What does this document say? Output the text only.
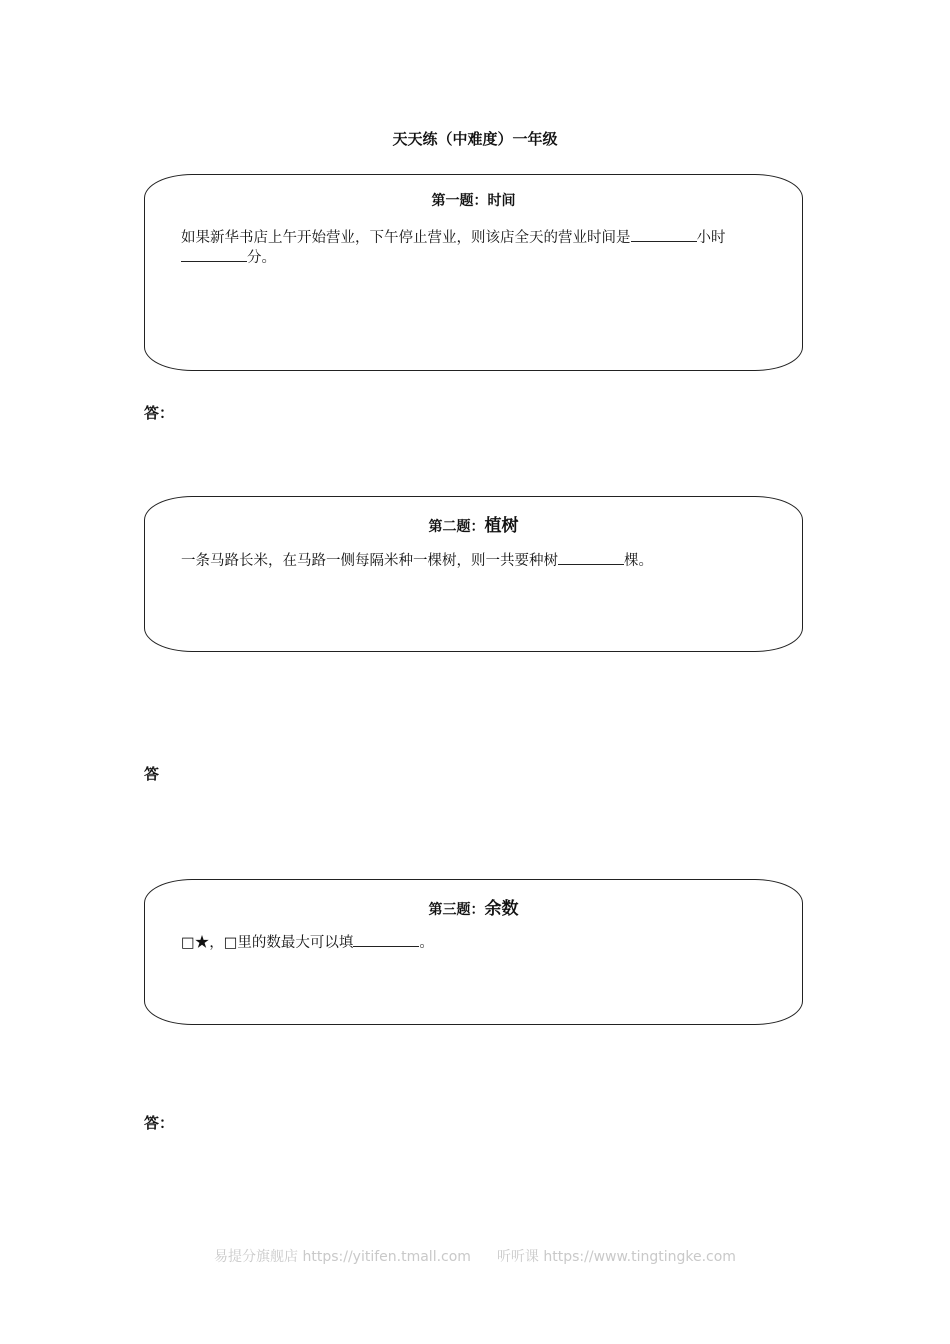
天天练（中难度）一年级
第一题：时间
如果新华书店上午开始营业，下午停止营业，则该店全天的营业时间是	小时分。
答：
第二题：植树
一条马路长米，在马路一侧每隔米种一棵树，则一共要种树	棵。
答
第三题：余数
□★，□里的数最大可以填	。
答：
易提分旗舰店 https://yitifen.tmall.com 听听课 https://www.tingtingke.com
